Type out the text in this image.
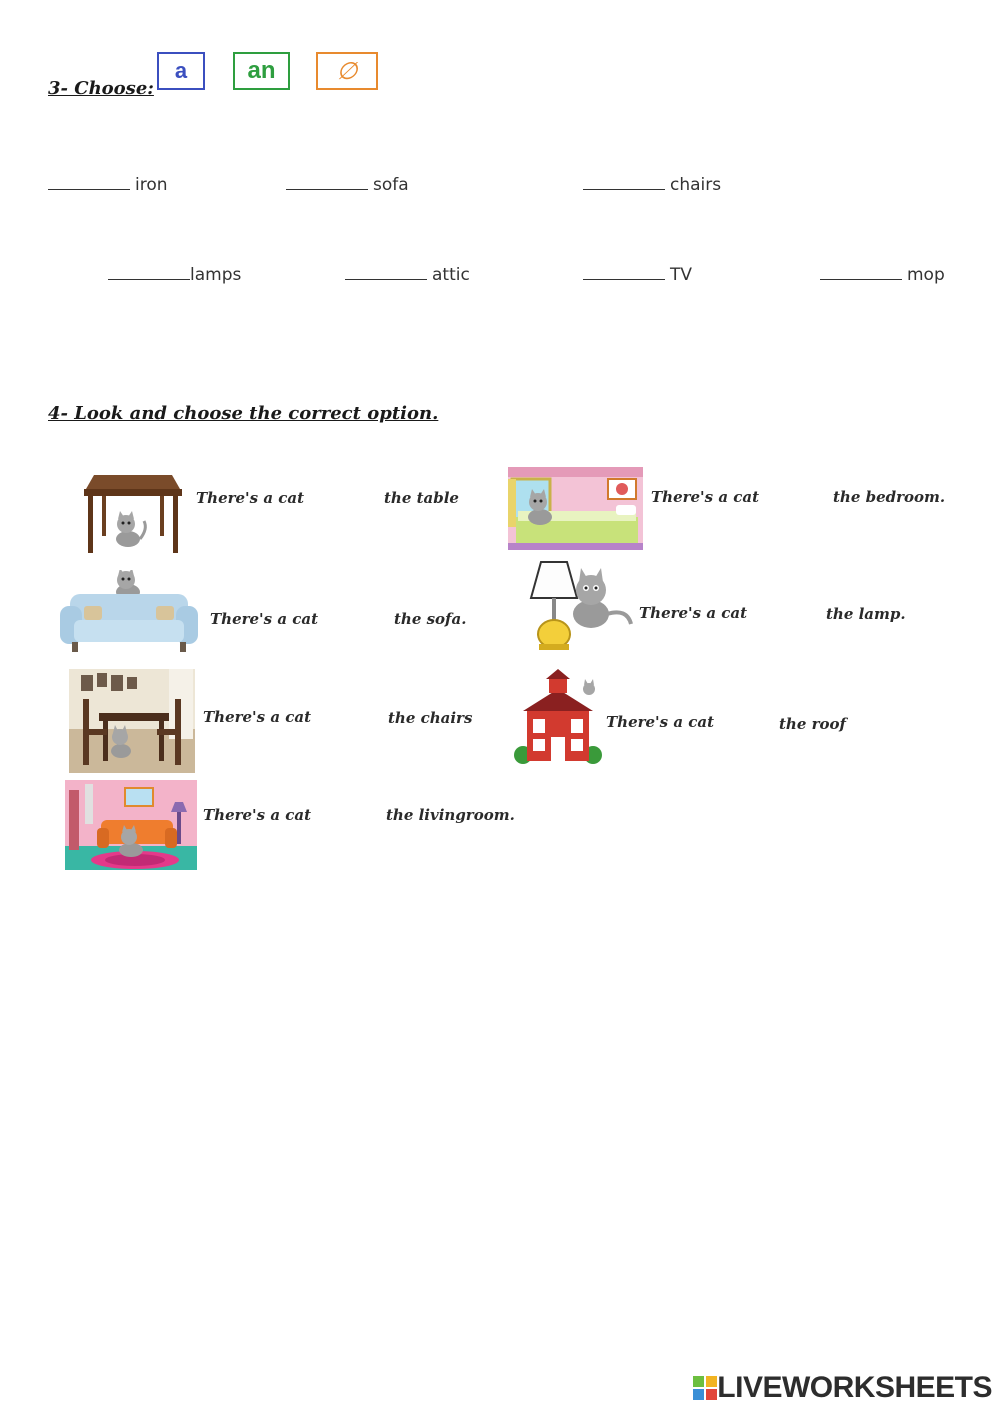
3- Choose:
a	an	∅
iron	sofa	chairs
lamps	attic	TV	mop
4- Look and choose the correct option.
There's a cat	the table	There's a cat	the bedroom.
There's a cat	the sofa.	There's a cat	the lamp.
There's a cat	the chairs	There's a cat	the roof
There's a cat	the livingroom.
LIVEWORKSHEETS
